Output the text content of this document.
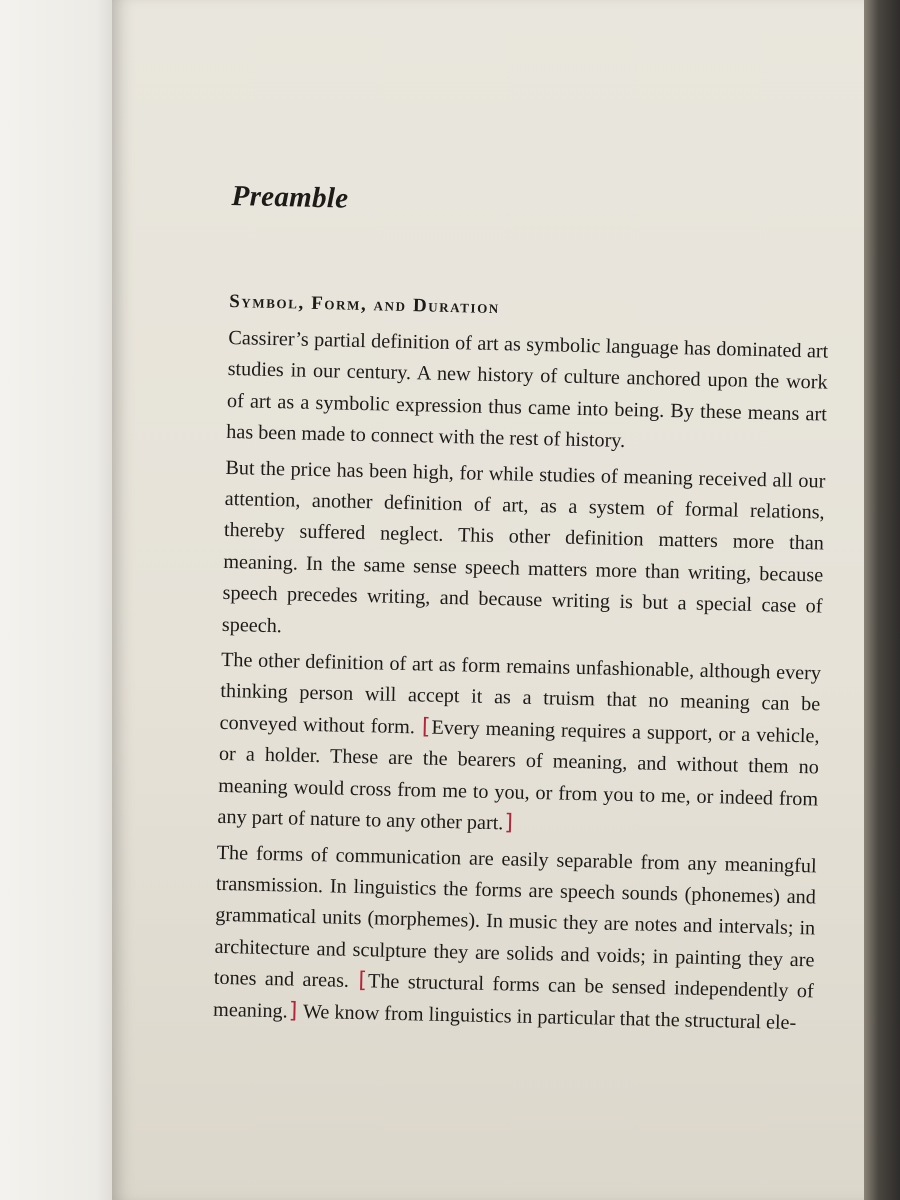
Preamble
Symbol, Form, and Duration

Cassirer’s partial definition of art as symbolic language has dominated art studies in our century. A new history of culture anchored upon the work of art as a symbolic expression thus came into being. By these means art has been made to connect with the rest of history.

But the price has been high, for while studies of meaning received all our attention, another definition of art, as a system of formal relations, thereby suffered neglect. This other definition matters more than meaning. In the same sense speech matters more than writing, because speech precedes writing, and because writing is but a special case of speech.

The other definition of art as form remains unfashionable, although every thinking person will accept it as a truism that no meaning can be conveyed without form. [Every meaning requires a support, or a vehicle, or a holder. These are the bearers of meaning, and without them no meaning would cross from me to you, or from you to me, or indeed from any part of nature to any other part.]

The forms of communication are easily separable from any meaningful transmission. In linguistics the forms are speech sounds (phonemes) and grammatical units (morphemes). In music they are notes and intervals; in architecture and sculpture they are solids and voids; in painting they are tones and areas. [The structural forms can be sensed independently of meaning.] We know from linguistics in particular that the structural ele-
